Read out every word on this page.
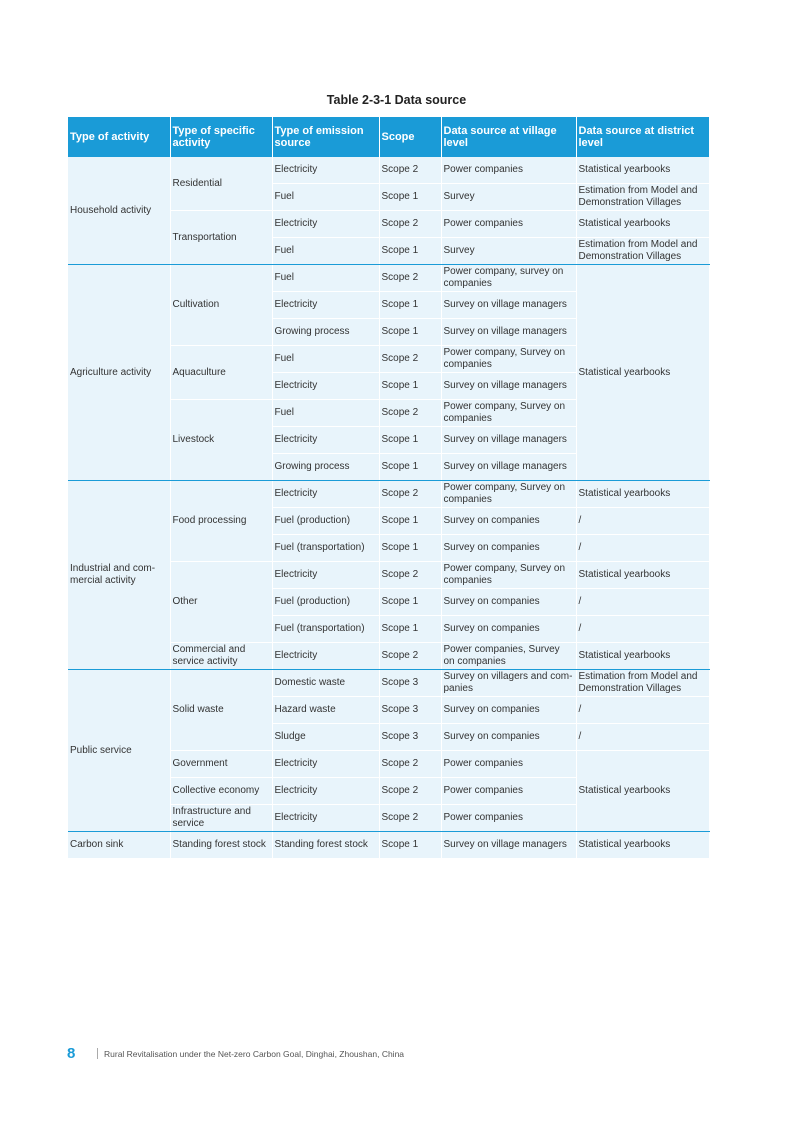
Table 2-3-1 Data source
Type of activity	Type of specific activity	Type of emission source	Scope	Data source at village level	Data source at district level
Household activity	Residential	Electricity	Scope 2	Power companies	Statistical yearbooks
		Fuel	Scope 1	Survey	Estimation from Model and Demonstration Villages
	Transportation	Electricity	Scope 2	Power companies	Statistical yearbooks
		Fuel	Scope 1	Survey	Estimation from Model and Demonstration Villages
Agriculture activity	Cultivation	Fuel	Scope 2	Power company, survey on companies	Statistical yearbooks
		Electricity	Scope 1	Survey on village managers	
		Growing process	Scope 1	Survey on village managers	
	Aquaculture	Fuel	Scope 2	Power company, Survey on companies	
		Electricity	Scope 1	Survey on village managers	
	Livestock	Fuel	Scope 2	Power company, Survey on companies	
		Electricity	Scope 1	Survey on village managers	
		Growing process	Scope 1	Survey on village managers	
Industrial and com-mercial activity	Food processing	Electricity	Scope 2	Power company, Survey on companies	Statistical yearbooks
		Fuel (production)	Scope 1	Survey on companies	/
		Fuel (transportation)	Scope 1	Survey on companies	/
	Other	Electricity	Scope 2	Power company, Survey on companies	Statistical yearbooks
		Fuel (production)	Scope 1	Survey on companies	/
		Fuel (transportation)	Scope 1	Survey on companies	/
	Commercial and service activity	Electricity	Scope 2	Power companies, Survey on companies	Statistical yearbooks
Public service	Solid waste	Domestic waste	Scope 3	Survey on villagers and com-panies	Estimation from Model and Demonstration Villages
		Hazard waste	Scope 3	Survey on companies	/
		Sludge	Scope 3	Survey on companies	/
	Government	Electricity	Scope 2	Power companies	Statistical yearbooks
	Collective economy	Electricity	Scope 2	Power companies	
	Infrastructure and service	Electricity	Scope 2	Power companies	
Carbon sink	Standing forest stock	Standing forest stock	Scope 1	Survey on village managers	Statistical yearbooks
8	Rural Revitalisation under the Net-zero Carbon Goal, Dinghai, Zhoushan, China
